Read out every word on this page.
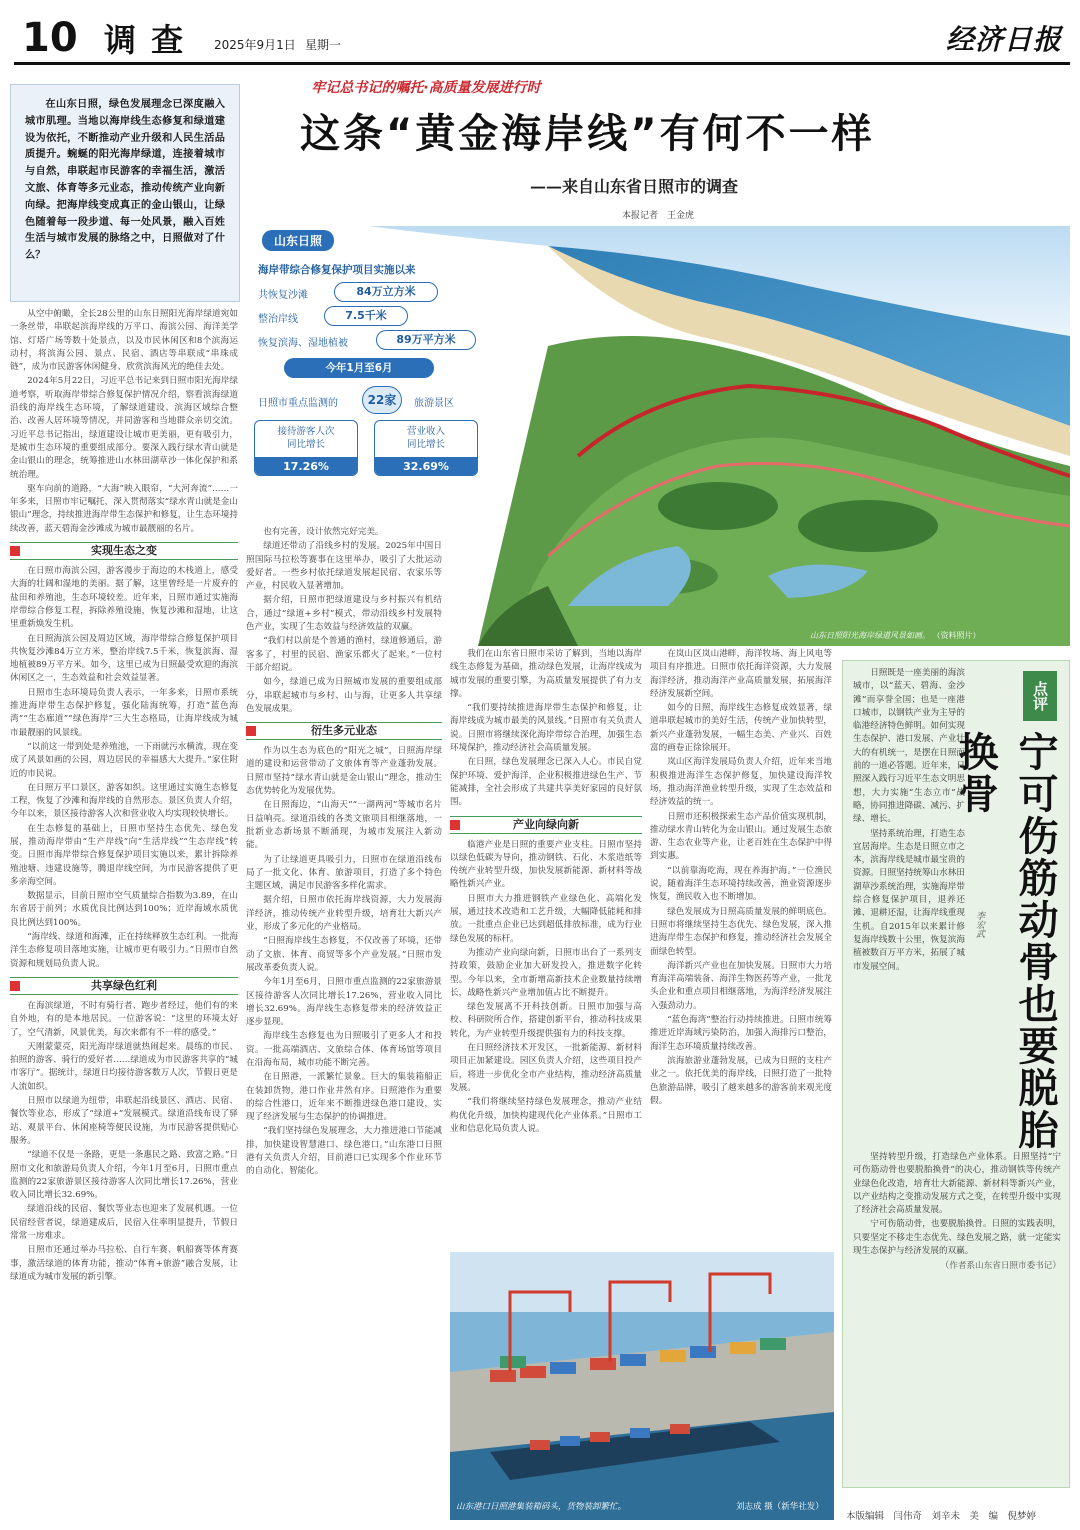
10 调 查 2025年9月1日 星期一	经济日报
牢记总书记的嘱托·高质量发展进行时
这条“黄金海岸线”有何不一样
——来自山东省日照市的调查
本报记者　王金虎

在山东日照，绿色发展理念已深度融入城市肌理。当地以海岸线生态修复和绿道建设为依托，不断推动产业升级和人民生活品质提升。蜿蜒的阳光海岸绿道，连接着城市与自然，串联起市民游客的幸福生活，激活文旅、体育等多元业态，推动传统产业向新向绿。把海岸线变成真正的金山银山，让绿色随着每一段步道、每一处风景，融入百姓生活与城市发展的脉络之中，日照做对了什么？

山东日照
海岸带综合修复保护项目实施以来
共恢复沙滩	84万立方米
整治岸线	7.5千米
恢复滨海、湿地植被	89万平方米
今年1月至6月
日照市重点监测的	22家	旅游景区
接待游客人次
同比增长
17.26%
营业收入
同比增长
32.69%
山东日照阳光海岸绿道风景如画。 （资料照片）

从空中俯瞰，全长28公里的山东日照阳光海岸绿道宛如一条丝带，串联起滨海岸线的万平口、海滨公园、海洋美学馆、灯塔广场等数十处景点，以及市民休闲区和8个滨海运动村，将滨海公园、景点、民宿、酒店等串联成“串珠成链”，成为市民游客休闲健身、欣赏滨海风光的绝佳去处。

2024年5月22日，习近平总书记来到日照市阳光海岸绿道考察，听取海岸带综合修复保护情况介绍，察看滨海绿道沿线的海岸线生态环境，了解绿道建设、滨海区域综合整治、改善人居环境等情况，并同游客和当地群众亲切交流。习近平总书记指出，绿道建设让城市更美丽，更有吸引力，是城市生态环境的重要组成部分。要深入践行绿水青山就是金山银山的理念，统筹推进山水林田湖草沙一体化保护和系统治理。

驱车向前的道路，“大海”映入眼帘，“大河奔流”……一年多来，日照市牢记嘱托，深入贯彻落实“绿水青山就是金山银山”理念，持续推进海岸带生态保护和修复，让生态环境持续改善，蓝天碧海金沙滩成为城市最靓丽的名片。

实现生态之变

在日照市海滨公园，游客漫步于海边的木栈道上，感受大海的壮阔和湿地的美丽。据了解，这里曾经是一片废弃的盐田和养殖池，生态环境较差。近年来，日照市通过实施海岸带综合修复工程，拆除养殖设施，恢复沙滩和湿地，让这里重新焕发生机。

在日照海滨公园及周边区域，海岸带综合修复保护项目共恢复沙滩84万立方米，整治岸线7.5千米，恢复滨海、湿地植被89万平方米。如今，这里已成为日照最受欢迎的海滨休闲区之一，生态效益和社会效益显著。

日照市生态环境局负责人表示，一年多来，日照市系统推进海岸带生态保护修复，强化陆海统筹，打造“蓝色海湾”“生态廊道”“绿色海岸”三大生态格局，让海岸线成为城市最靓丽的风景线。

“以前这一带到处是养殖池，一下雨就污水横流，现在变成了风景如画的公园，周边居民的幸福感大大提升。”家住附近的市民说。

在日照万平口景区，游客如织。这里通过实施生态修复工程，恢复了沙滩和海岸线的自然形态。景区负责人介绍，今年以来，景区接待游客人次和营业收入均实现较快增长。

在生态修复的基础上，日照市坚持生态优先、绿色发展，推动海岸带由“生产岸线”向“生活岸线”“生态岸线”转变。日照市海岸带综合修复保护项目实施以来，累计拆除养殖池塘、违建设施等，腾退岸线空间，为市民游客提供了更多亲海空间。

数据显示，目前日照市空气质量综合指数为3.89，在山东省居于前列；水质优良比例达到100%；近岸海域水质优良比例达到100%。

“海岸线、绿道和海滩，正在持续释放生态红利。一批海洋生态修复项目落地实施，让城市更有吸引力。”日照市自然资源和规划局负责人说。

共享绿色红利

在海滨绿道，不时有骑行者、跑步者经过，他们有的来自外地，有的是本地居民。一位游客说：“这里的环境太好了，空气清新，风景优美，每次来都有不一样的感受。”

天刚蒙蒙亮，阳光海岸绿道就热闹起来。晨练的市民、拍照的游客、骑行的爱好者……绿道成为市民游客共享的“城市客厅”。据统计，绿道日均接待游客数万人次，节假日更是人流如织。

日照市以绿道为纽带，串联起沿线景区、酒店、民宿、餐饮等业态，形成了“绿道+”发展模式。绿道沿线布设了驿站、观景平台、休闲座椅等便民设施，为市民游客提供贴心服务。

“绿道不仅是一条路，更是一条惠民之路、致富之路。”日照市文化和旅游局负责人介绍，今年1月至6月，日照市重点监测的22家旅游景区接待游客人次同比增长17.26%，营业收入同比增长32.69%。

绿道沿线的民宿、餐饮等业态也迎来了发展机遇。一位民宿经营者说，绿道建成后，民宿入住率明显提升，节假日常常一房难求。

日照市还通过举办马拉松、自行车赛、帆船赛等体育赛事，激活绿道的体育功能，推动“体育+旅游”融合发展，让绿道成为城市发展的新引擎。

也有完善，设计依然完好完美。

绿道还带动了沿线乡村的发展。2025年中国日照国际马拉松等赛事在这里举办，吸引了大批运动爱好者。一些乡村依托绿道发展起民宿、农家乐等产业，村民收入显著增加。

据介绍，日照市把绿道建设与乡村振兴有机结合，通过“绿道+乡村”模式，带动沿线乡村发展特色产业，实现了生态效益与经济效益的双赢。

“我们村以前是个普通的渔村，绿道修通后，游客多了，村里的民宿、渔家乐都火了起来。”一位村干部介绍说。

如今，绿道已成为日照城市发展的重要组成部分，串联起城市与乡村、山与海，让更多人共享绿色发展成果。

衍生多元业态

作为以生态为底色的“阳光之城”，日照海岸绿道的建设和运营带动了文旅体育等产业蓬勃发展。日照市坚持“绿水青山就是金山银山”理念，推动生态优势转化为发展优势。

在日照海边，“山海天”“一湖两河”等城市名片日益响亮。绿道沿线的各类文旅项目相继落地，一批新业态新场景不断涌现，为城市发展注入新动能。

为了让绿道更具吸引力，日照市在绿道沿线布局了一批文化、体育、旅游项目，打造了多个特色主题区域，满足市民游客多样化需求。

据介绍，日照市依托海岸线资源，大力发展海洋经济，推动传统产业转型升级，培育壮大新兴产业，形成了多元化的产业格局。

“日照海岸线生态修复，不仅改善了环境，还带动了文旅、体育、商贸等多个产业发展。”日照市发展改革委负责人说。

今年1月至6月，日照市重点监测的22家旅游景区接待游客人次同比增长17.26%，营业收入同比增长32.69%。海岸线生态修复带来的经济效益正逐步显现。

海岸线生态修复也为日照吸引了更多人才和投资。一批高端酒店、文旅综合体、体育场馆等项目在沿海布局，城市功能不断完善。

在日照港，一派繁忙景象。巨大的集装箱船正在装卸货物，港口作业井然有序。日照港作为重要的综合性港口，近年来不断推进绿色港口建设，实现了经济发展与生态保护的协调推进。

“我们坚持绿色发展理念，大力推进港口节能减排，加快建设智慧港口、绿色港口。”山东港口日照港有关负责人介绍，目前港口已实现多个作业环节的自动化、智能化。

我们在山东省日照市采访了解到，当地以海岸线生态修复为基础，推动绿色发展，让海岸线成为城市发展的重要引擎，为高质量发展提供了有力支撑。

“我们要持续推进海岸带生态保护和修复，让海岸线成为城市最美的风景线。”日照市有关负责人说。日照市将继续深化海岸带综合治理，加强生态环境保护，推动经济社会高质量发展。

在日照，绿色发展理念已深入人心。市民自觉保护环境、爱护海洋，企业积极推进绿色生产、节能减排，全社会形成了共建共享美好家园的良好氛围。

产业向绿向新

临港产业是日照的重要产业支柱。日照市坚持以绿色低碳为导向，推动钢铁、石化、木浆造纸等传统产业转型升级，加快发展新能源、新材料等战略性新兴产业。

日照市大力推进钢铁产业绿色化、高端化发展，通过技术改造和工艺升级，大幅降低能耗和排放。一批重点企业已达到超低排放标准，成为行业绿色发展的标杆。

为推动产业向绿向新，日照市出台了一系列支持政策，鼓励企业加大研发投入，推进数字化转型。今年以来，全市新增高新技术企业数量持续增长，战略性新兴产业增加值占比不断提升。

绿色发展离不开科技创新。日照市加强与高校、科研院所合作，搭建创新平台，推动科技成果转化，为产业转型升级提供强有力的科技支撑。

在日照经济技术开发区，一批新能源、新材料项目正加紧建设。园区负责人介绍，这些项目投产后，将进一步优化全市产业结构，推动经济高质量发展。

“我们将继续坚持绿色发展理念，推动产业结构优化升级，加快构建现代化产业体系。”日照市工业和信息化局负责人说。

在岚山区岚山港畔，海洋牧场、海上风电等项目有序推进。日照市依托海洋资源，大力发展海洋经济，推动海洋产业高质量发展，拓展海洋经济发展新空间。

如今的日照，海岸线生态修复成效显著，绿道串联起城市的美好生活，传统产业加快转型，新兴产业蓬勃发展，一幅生态美、产业兴、百姓富的画卷正徐徐展开。

岚山区海洋发展局负责人介绍，近年来当地积极推进海洋生态保护修复，加快建设海洋牧场，推动海洋渔业转型升级，实现了生态效益和经济效益的统一。

日照市还积极探索生态产品价值实现机制，推动绿水青山转化为金山银山。通过发展生态旅游、生态农业等产业，让老百姓在生态保护中得到实惠。

“以前靠海吃海，现在养海护海。”一位渔民说，随着海洋生态环境持续改善，渔业资源逐步恢复，渔民收入也不断增加。

绿色发展成为日照高质量发展的鲜明底色。日照市将继续坚持生态优先、绿色发展，深入推进海岸带生态保护和修复，推动经济社会发展全面绿色转型。

海洋新兴产业也在加快发展。日照市大力培育海洋高端装备、海洋生物医药等产业，一批龙头企业和重点项目相继落地，为海洋经济发展注入强劲动力。

“蓝色海湾”整治行动持续推进。日照市统筹推进近岸海域污染防治，加强入海排污口整治，海洋生态环境质量持续改善。

滨海旅游业蓬勃发展，已成为日照的支柱产业之一。依托优美的海岸线，日照打造了一批特色旅游品牌，吸引了越来越多的游客前来观光度假。

山东港口日照港集装箱码头，货物装卸繁忙。	刘志成 摄（新华社发）
点评
宁可伤筋动骨也要脱胎换骨
李宏武

日照既是一座美丽的海滨城市，以“蓝天、碧海、金沙滩”而享誉全国；也是一座港口城市，以钢铁产业为主导的临港经济特色鲜明。如何实现生态保护、港口发展、产业壮大的有机统一，是摆在日照面前的一道必答题。近年来，日照深入践行习近平生态文明思想，大力实施“生态立市”战略，协同推进降碳、减污、扩绿、增长。

坚持系统治理，打造生态宜居海岸。生态是日照立市之本，滨海岸线是城市最宝贵的资源。日照坚持统筹山水林田湖草沙系统治理，实施海岸带综合修复保护项目，退养还滩、退耕还湿，让海岸线重现生机。自2015年以来累计修复海岸线数十公里，恢复滨海植被数百万平方米，拓展了城市发展空间。

坚持转型升级，打造绿色产业体系。日照坚持“宁可伤筋动骨也要脱胎换骨”的决心，推动钢铁等传统产业绿色化改造，培育壮大新能源、新材料等新兴产业，以产业结构之变推动发展方式之变，在转型升级中实现了经济社会高质量发展。

宁可伤筋动骨，也要脱胎换骨。日照的实践表明，只要坚定不移走生态优先、绿色发展之路，就一定能实现生态保护与经济发展的双赢。

（作者系山东省日照市委书记）

本版编辑　闫伟奇　刘辛未　美　编　倪梦婷
